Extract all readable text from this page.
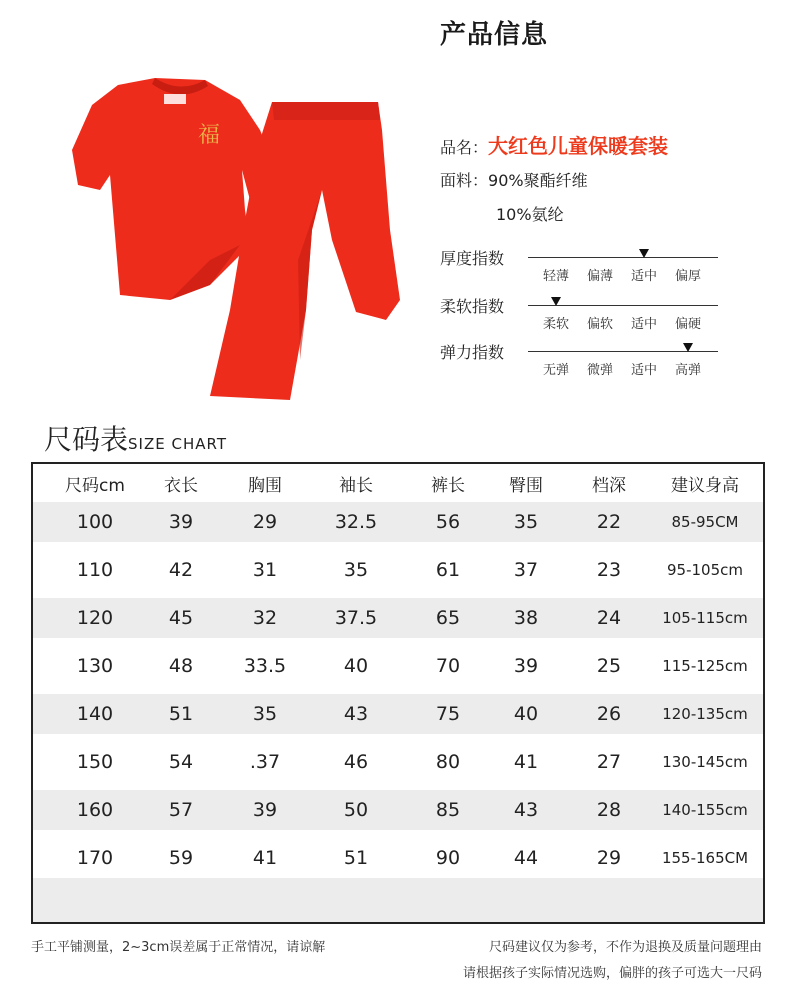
福
产品信息
品名：大红色儿童保暖套装
面料：90%聚酯纤维
10%氨纶
厚度指数
轻薄	偏薄	适中	偏厚
柔软指数
柔软	偏软	适中	偏硬
弹力指数
无弹	微弹	适中	高弹
尺码表SIZE CHART
尺码cm	衣长	胸围	袖长	裤长	臀围	档深	建议身高
100	39	29	32.5	56	35	22	85-95CM
110	42	31	35	61	37	23	95-105cm
120	45	32	37.5	65	38	24	105-115cm
130	48	33.5	40	70	39	25	115-125cm
140	51	35	43	75	40	26	120-135cm
150	54	.37	46	80	41	27	130-145cm
160	57	39	50	85	43	28	140-155cm
170	59	41	51	90	44	29	155-165CM
手工平铺测量，2~3cm误差属于正常情况，请谅解	尺码建议仅为参考，不作为退换及质量问题理由
请根据孩子实际情况选购，偏胖的孩子可选大一尺码
